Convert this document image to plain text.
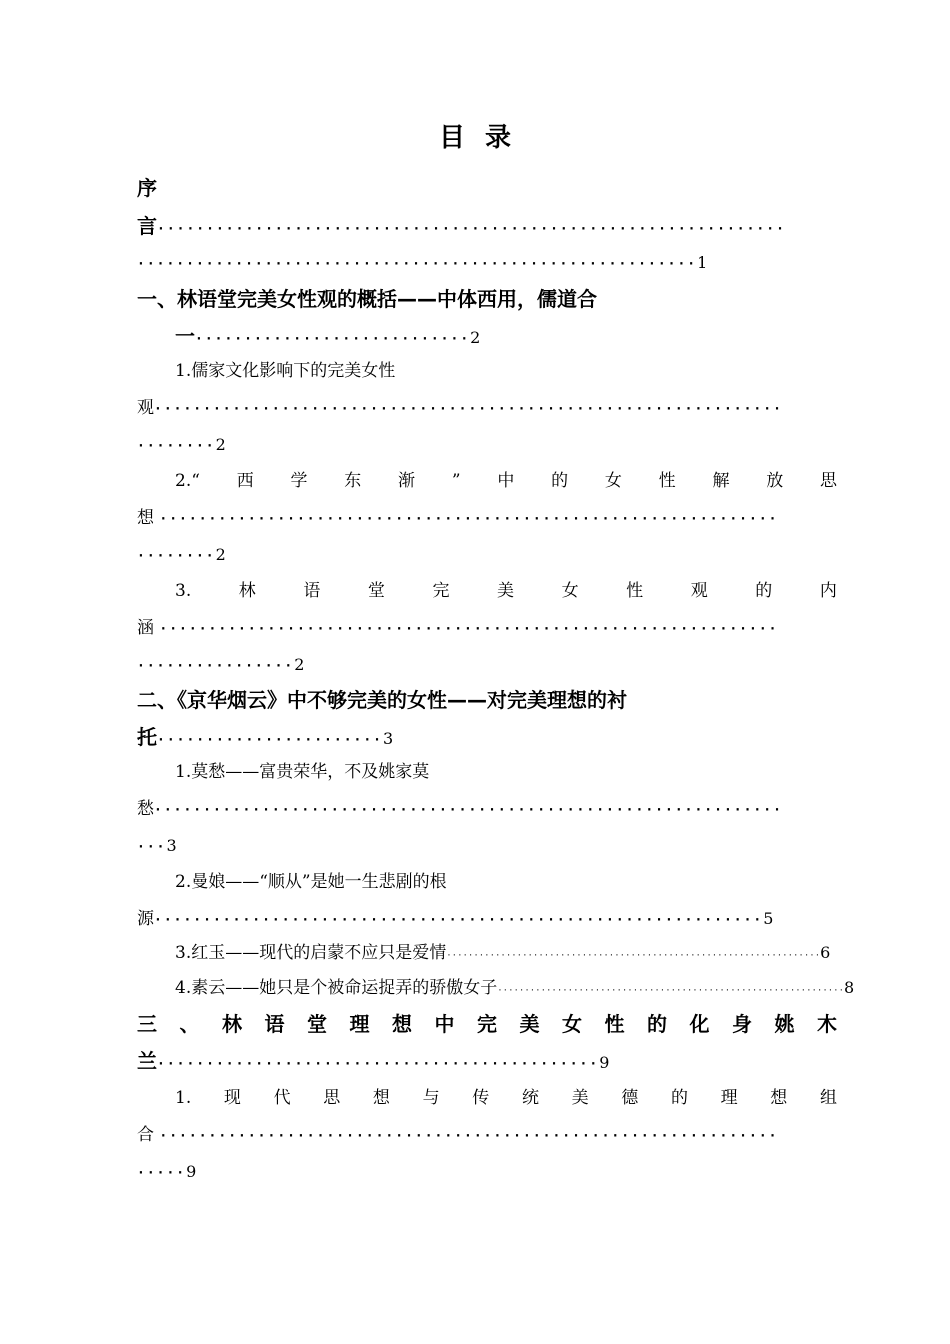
目 录
序
言································································
·························································1
一、林语堂完美女性观的概括——中体西用，儒道合
一····························2
1.儒家文化影响下的完美女性
观································································
········2
2.“ 西 学 东 渐 ” 中 的 女 性 解 放 思
想 ·······························································
········2
3.	林	语	堂	完	美	女	性	观	的	内
涵 ·······························································
················2
二、《京华烟云》中不够完美的女性——对完美理想的衬
托·······················3
1.莫愁——富贵荣华，不及姚家莫
愁································································
···3
2.曼娘——“顺从”是她一生悲剧的根
源······························································5
3.红玉——现代的启蒙不应只是爱情·····································································6
4.素云——她只是个被命运捉弄的骄傲女子································································8
三 、 林 语 堂 理 想 中 完 美 女 性 的 化 身 姚 木
兰·············································9
1. 现 代 思 想 与 传 统 美 德 的 理 想 组
合 ·······························································
·····9
